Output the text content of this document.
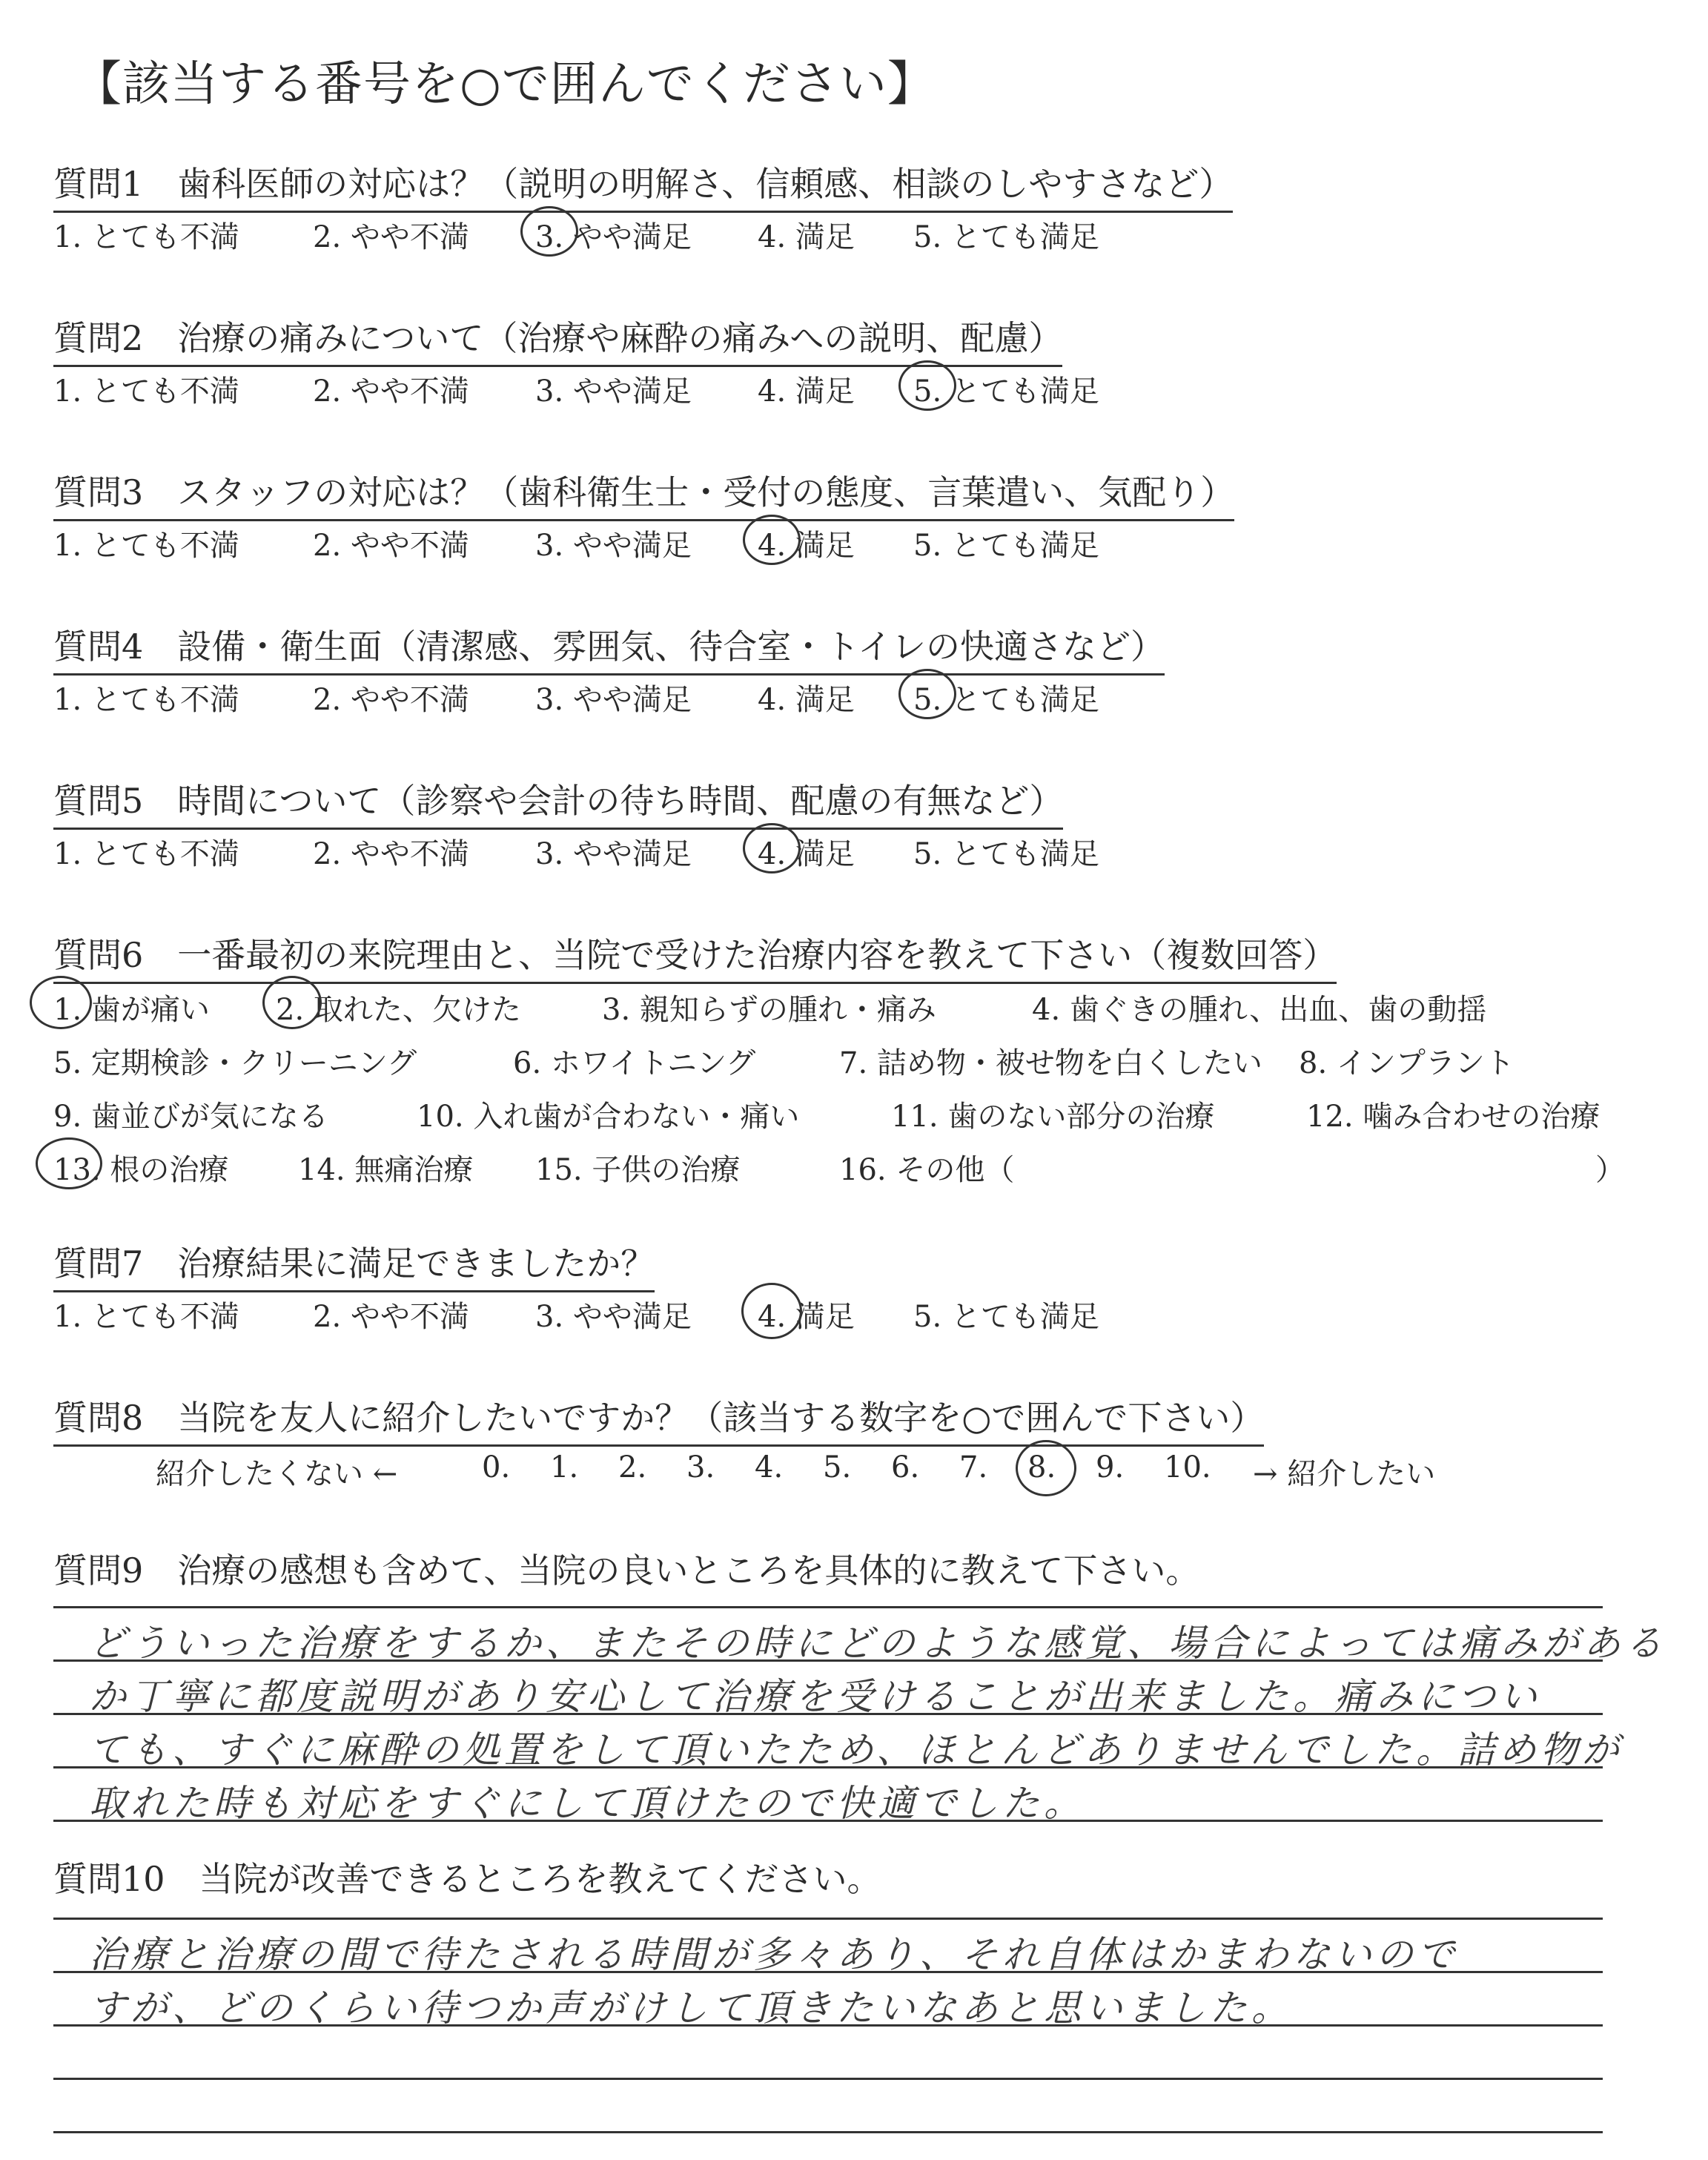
【該当する番号を○で囲んでください】
質問1　歯科医師の対応は？（説明の明解さ、信頼感、相談のしやすさなど）
1. とても不満 2. やや不満 3. やや満足 4. 満足 5. とても満足
質問2　治療の痛みについて（治療や麻酔の痛みへの説明、配慮）
1. とても不満 2. やや不満 3. やや満足 4. 満足 5. とても満足
質問3　スタッフの対応は？（歯科衛生士・受付の態度、言葉遣い、気配り）
1. とても不満 2. やや不満 3. やや満足 4. 満足 5. とても満足
質問4　設備・衛生面（清潔感、雰囲気、待合室・トイレの快適さなど）
1. とても不満 2. やや不満 3. やや満足 4. 満足 5. とても満足
質問5　時間について（診察や会計の待ち時間、配慮の有無など）
1. とても不満 2. やや不満 3. やや満足 4. 満足 5. とても満足
質問6　一番最初の来院理由と、当院で受けた治療内容を教えて下さい（複数回答）
1. 歯が痛い 2. 取れた、欠けた	3. 親知らずの腫れ・痛み	4. 歯ぐきの腫れ、出血、歯の動揺
5. 定期検診・クリーニング	6. ホワイトニング	7. 詰め物・被せ物を白くしたい 8. インプラント
9. 歯並びが気になる	10. 入れ歯が合わない・痛い	11. 歯のない部分の治療	12. 噛み合わせの治療
13. 根の治療 14. 無痛治療 15. 子供の治療	16. その他（	）
質問7　治療結果に満足できましたか？
1. とても不満 2. やや不満 3. やや満足 4. 満足 5. とても満足
質問8　当院を友人に紹介したいですか？（該当する数字を○で囲んで下さい）
紹介したくない ←	0. 1. 2. 3. 4. 5. 6. 7. 8. 9. 10. → 紹介したい
質問9　治療の感想も含めて、当院の良いところを具体的に教えて下さい。
どういった治療をするか、またその時にどのような感覚、場合によっては痛みがある
か丁寧に都度説明があり安心して治療を受けることが出来ました。痛みについ
ても、すぐに麻酔の処置をして頂いたため、ほとんどありませんでした。詰め物が
取れた時も対応をすぐにして頂けたので快適でした。
質問10　当院が改善できるところを教えてください。
治療と治療の間で待たされる時間が多々あり、それ自体はかまわないので
すが、どのくらい待つか声がけして頂きたいなあと思いました。
